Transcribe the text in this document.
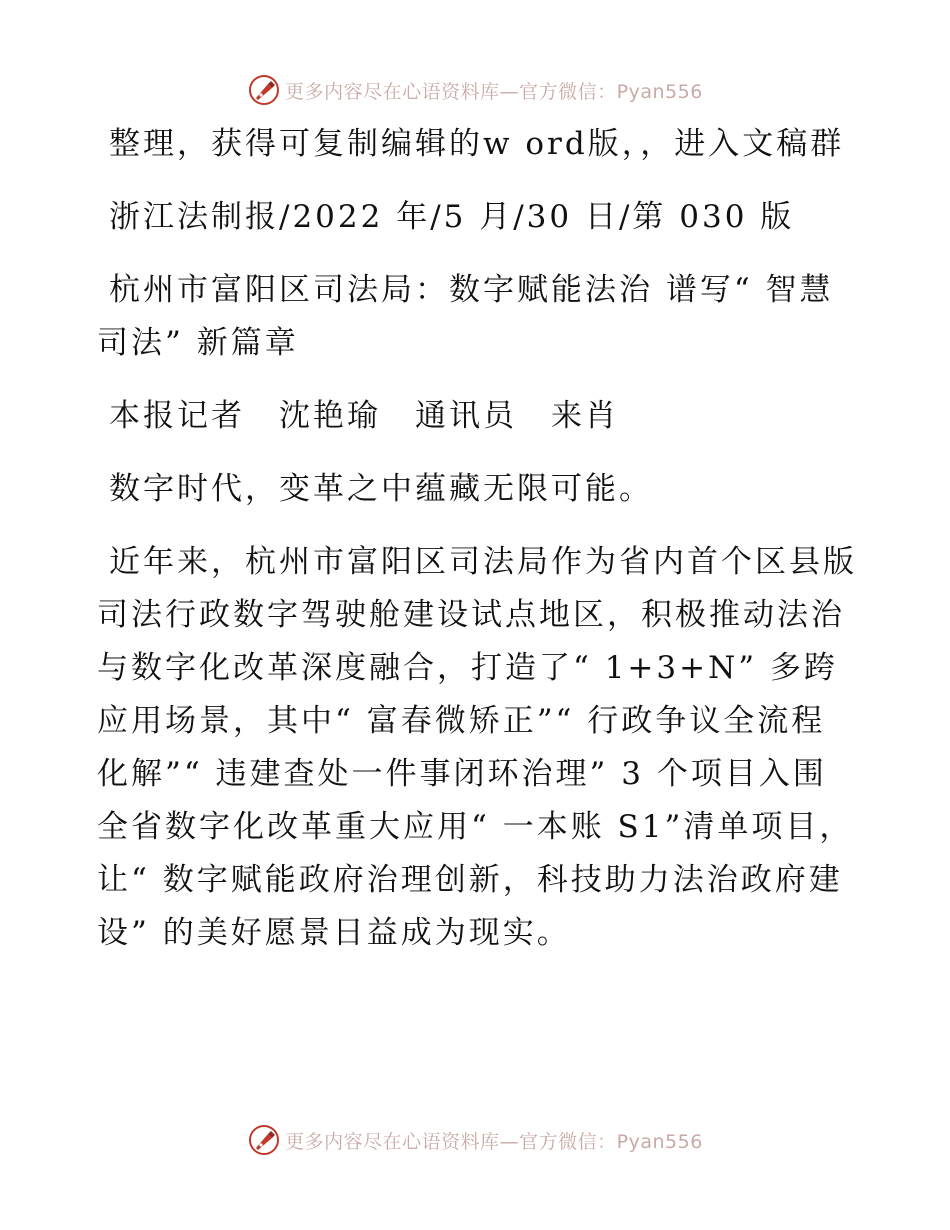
更多内容尽在心语资料库—官方微信：Pyan556

整理，获得可复制编辑的w ord版，，进入文稿群

浙江法制报/2022 年/5 月/30 日/第 030 版

杭州市富阳区司法局：数字赋能法治 谱写“ 智慧司法” 新篇章

本报记者　沈艳瑜　通讯员　来肖

数字时代，变革之中蕴藏无限可能。

近年来，杭州市富阳区司法局作为省内首个区县版司法行政数字驾驶舱建设试点地区，积极推动法治与数字化改革深度融合，打造了“ 1+3+N” 多跨应用场景，其中“ 富春微矫正”“ 行政争议全流程化解”“ 违建查处一件事闭环治理” 3 个项目入围全省数字化改革重大应用“ 一本账 S1”清单项目，让“ 数字赋能政府治理创新，科技助力法治政府建设” 的美好愿景日益成为现实。

更多内容尽在心语资料库—官方微信：Pyan556
